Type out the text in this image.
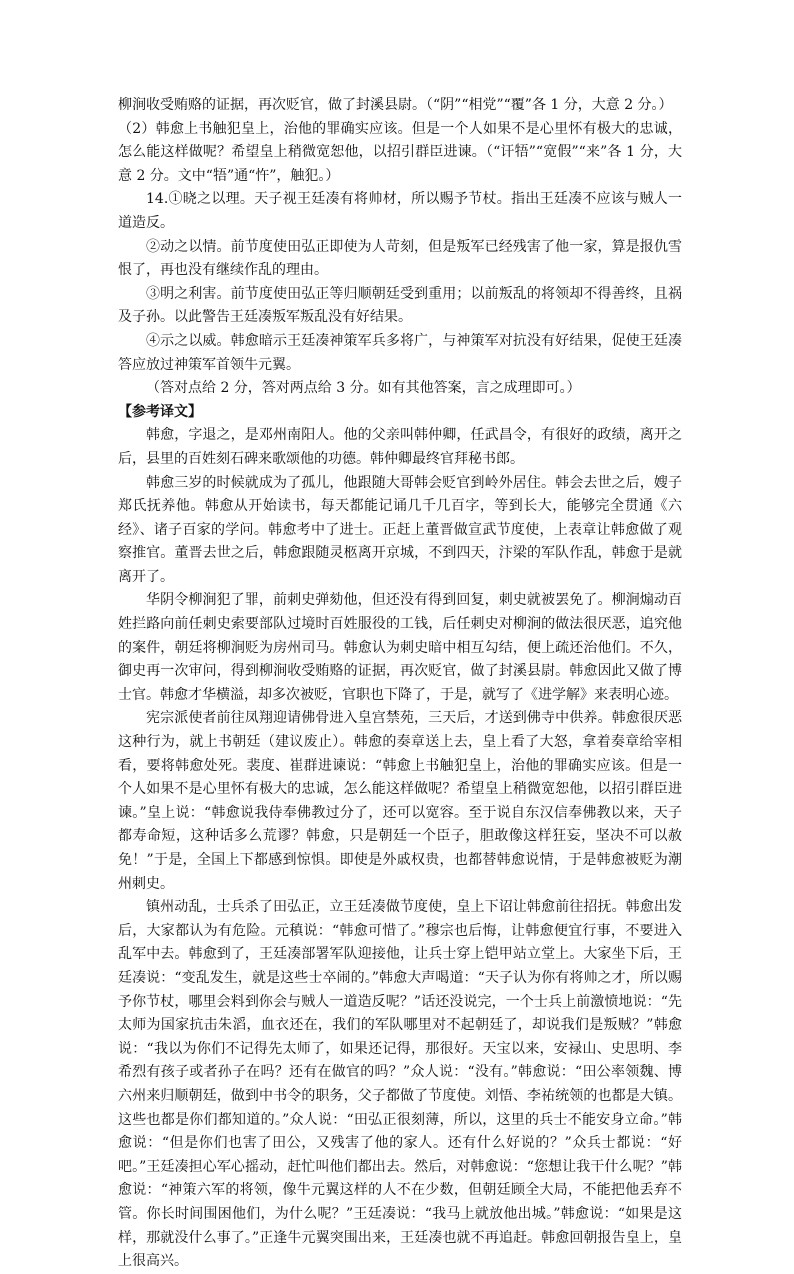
柳涧收受贿赂的证据，再次贬官，做了封溪县尉。（“阴”“相党”“覆”各 1 分，大意 2 分。）

（2）韩愈上书触犯皇上，治他的罪确实应该。但是一个人如果不是心里怀有极大的忠诚，怎么能这样做呢？希望皇上稍微宽恕他，以招引群臣进谏。（“讦牾”“宽假”“来”各 1 分，大意 2 分。文中“牾”通“忤”，触犯。）

14.①晓之以理。天子视王廷凑有将帅材，所以赐予节杖。指出王廷凑不应该与贼人一道造反。

②动之以情。前节度使田弘正即使为人苛刻，但是叛军已经残害了他一家，算是报仇雪恨了，再也没有继续作乱的理由。

③明之利害。前节度使田弘正等归顺朝廷受到重用；以前叛乱的将领却不得善终，且祸及子孙。以此警告王廷凑叛军叛乱没有好结果。

④示之以威。韩愈暗示王廷凑神策军兵多将广，与神策军对抗没有好结果，促使王廷凑答应放过神策军首领牛元翼。

（答对点给 2 分，答对两点给 3 分。如有其他答案，言之成理即可。）

【参考译文】

韩愈，字退之，是邓州南阳人。他的父亲叫韩仲卿，任武昌令，有很好的政绩，离开之后，县里的百姓刻石碑来歌颂他的功德。韩仲卿最终官拜秘书郎。

韩愈三岁的时候就成为了孤儿，他跟随大哥韩会贬官到岭外居住。韩会去世之后，嫂子郑氏抚养他。韩愈从开始读书，每天都能记诵几千几百字，等到长大，能够完全贯通《六经》、诸子百家的学问。韩愈考中了进士。正赶上董晋做宣武节度使，上表章让韩愈做了观察推官。董晋去世之后，韩愈跟随灵柩离开京城，不到四天，汴梁的军队作乱，韩愈于是就离开了。

华阴令柳涧犯了罪，前刺史弹劾他，但还没有得到回复，刺史就被罢免了。柳涧煽动百姓拦路向前任刺史索要部队过境时百姓服役的工钱，后任刺史对柳涧的做法很厌恶，追究他的案件，朝廷将柳涧贬为房州司马。韩愈认为刺史暗中相互勾结，便上疏还治他们。不久，御史再一次审问，得到柳涧收受贿赂的证据，再次贬官，做了封溪县尉。韩愈因此又做了博士官。韩愈才华横溢，却多次被贬，官职也下降了，于是，就写了《进学解》来表明心迹。

宪宗派使者前往凤翔迎请佛骨进入皇宫禁苑，三天后，才送到佛寺中供养。韩愈很厌恶这种行为，就上书朝廷（建议废止）。韩愈的奏章送上去，皇上看了大怒，拿着奏章给宰相看，要将韩愈处死。裴度、崔群进谏说：“韩愈上书触犯皇上，治他的罪确实应该。但是一个人如果不是心里怀有极大的忠诚，怎么能这样做呢？希望皇上稍微宽恕他，以招引群臣进谏。”皇上说：“韩愈说我侍奉佛教过分了，还可以宽容。至于说自东汉信奉佛教以来，天子都寿命短，这种话多么荒谬？韩愈，只是朝廷一个臣子，胆敢像这样狂妄，坚决不可以赦免！”于是，全国上下都感到惊惧。即使是外戚权贵，也都替韩愈说情，于是韩愈被贬为潮州刺史。

镇州动乱，士兵杀了田弘正，立王廷凑做节度使，皇上下诏让韩愈前往招抚。韩愈出发后，大家都认为有危险。元稹说：“韩愈可惜了。”穆宗也后悔，让韩愈便宜行事，不要进入乱军中去。韩愈到了，王廷凑部署军队迎接他，让兵士穿上铠甲站立堂上。大家坐下后，王廷凑说：“变乱发生，就是这些士卒闹的。”韩愈大声喝道：“天子认为你有将帅之才，所以赐予你节杖，哪里会料到你会与贼人一道造反呢？”话还没说完，一个士兵上前激愤地说：“先太师为国家抗击朱滔，血衣还在，我们的军队哪里对不起朝廷了，却说我们是叛贼？”韩愈说：“我以为你们不记得先太师了，如果还记得，那很好。天宝以来，安禄山、史思明、李希烈有孩子或者孙子在吗？还有在做官的吗？”众人说：“没有。”韩愈说：“田公率领魏、博六州来归顺朝廷，做到中书令的职务，父子都做了节度使。刘悟、李祐统领的也都是大镇。这些也都是你们都知道的。”众人说：“田弘正很刻薄，所以，这里的兵士不能安身立命。”韩愈说：“但是你们也害了田公，又残害了他的家人。还有什么好说的？”众兵士都说：“好吧。”王廷凑担心军心摇动，赶忙叫他们都出去。然后，对韩愈说：“您想让我干什么呢？”韩愈说：“神策六军的将领，像牛元翼这样的人不在少数，但朝廷顾全大局，不能把他丢弃不管。你长时间围困他们，为什么呢？”王廷凑说：“我马上就放他出城。”韩愈说：“如果是这样，那就没什么事了。”正逢牛元翼突围出来，王廷凑也就不再追赶。韩愈回朝报告皇上，皇上很高兴。
